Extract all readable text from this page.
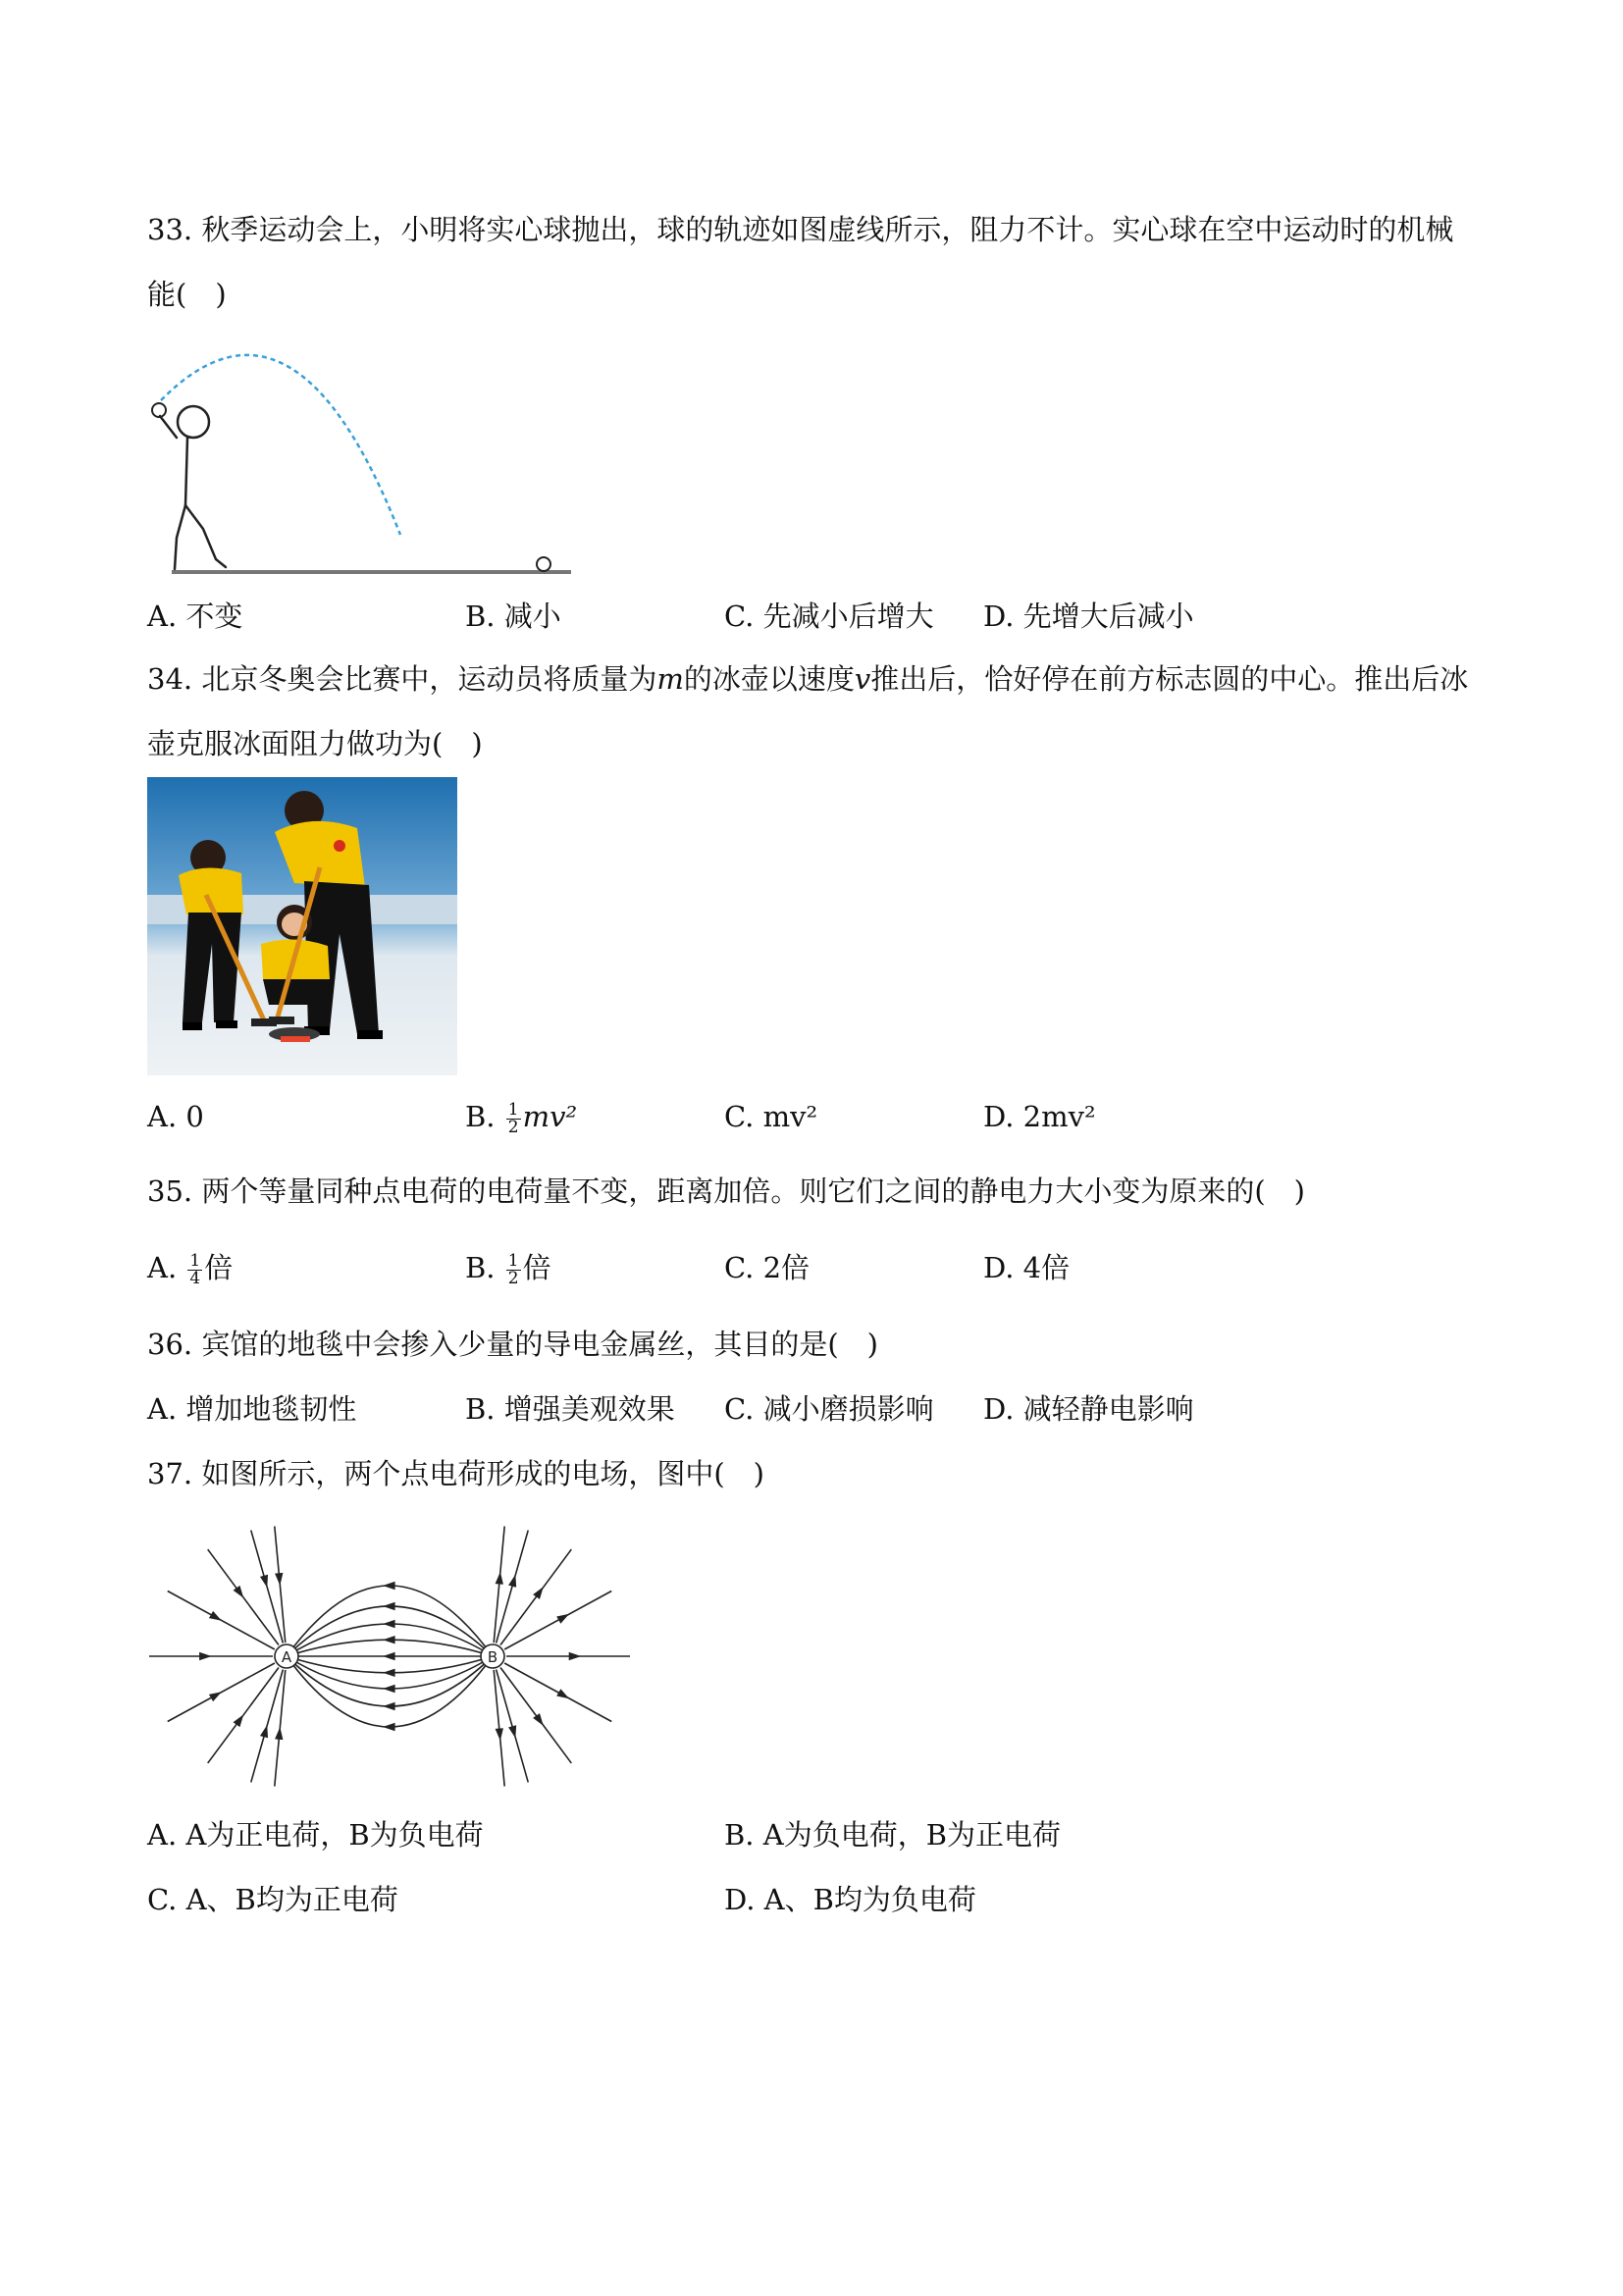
33. 秋季运动会上，小明将实心球抛出，球的轨迹如图虚线所示，阻力不计。实心球在空中运动时的机械
能(　)
A. 不变	B. 减小	C. 先减小后增大 D. 先增大后减小
34. 北京冬奥会比赛中，运动员将质量为m的冰壶以速度v推出后，恰好停在前方标志圆的中心。推出后冰
壶克服冰面阻力做功为(　)
A. 0	B. $\frac{1}{2} mv^2$	C. mv²	D. 2mv²
35. 两个等量同种点电荷的电荷量不变，距离加倍。则它们之间的静电力大小变为原来的(　)
A. $\frac{1}{4}$ 倍	B. $\frac{1}{2}$ 倍	C. 2倍	D. 4倍
36. 宾馆的地毯中会掺入少量的导电金属丝，其目的是(　)
A. 增加地毯韧性	B. 增强美观效果 C. 减小磨损影响 D. 减轻静电影响
37. 如图所示，两个点电荷形成的电场，图中(　)
A	B
A. A为正电荷，B为负电荷	B. A为负电荷，B为正电荷
C. A、B均为正电荷	D. A、B均为负电荷
